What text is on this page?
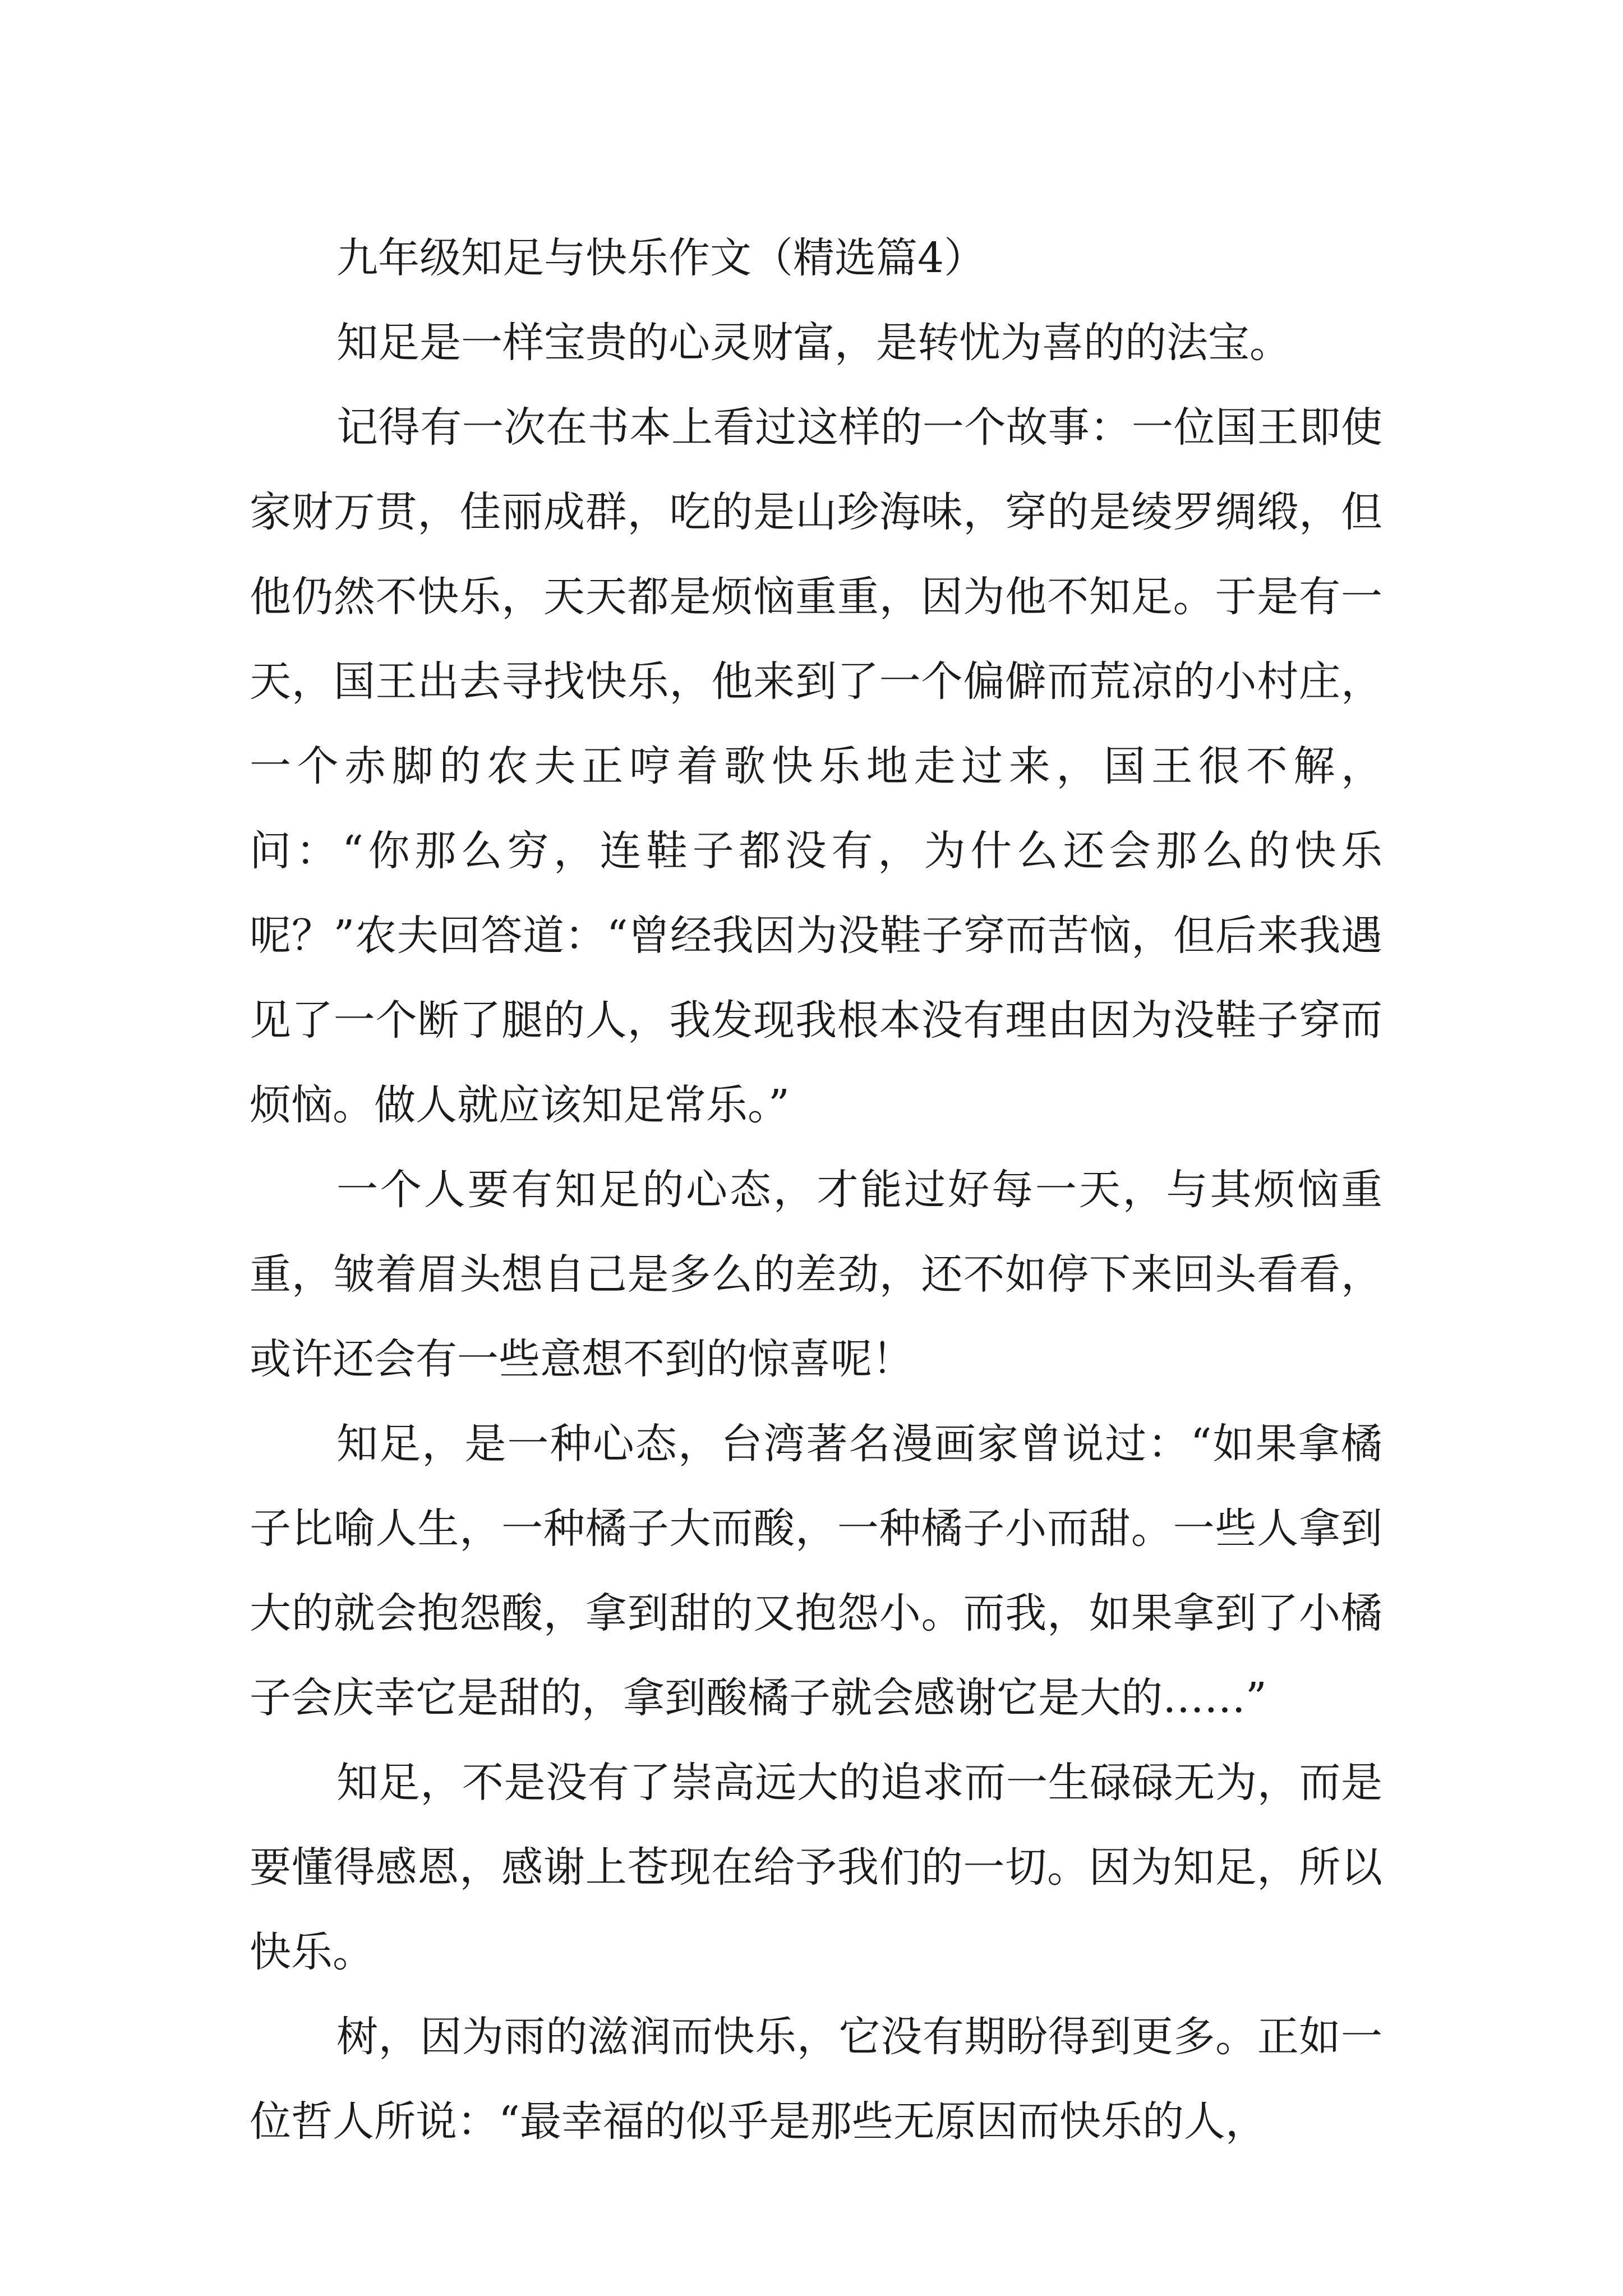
九年级知足与快乐作文（精选篇4）

知足是一样宝贵的心灵财富，是转忧为喜的的法宝。

记得有一次在书本上看过这样的一个故事：一位国王即使家财万贯，佳丽成群，吃的是山珍海味，穿的是绫罗绸缎，但他仍然不快乐，天天都是烦恼重重，因为他不知足。于是有一天，国王出去寻找快乐，他来到了一个偏僻而荒凉的小村庄，一个赤脚的农夫正哼着歌快乐地走过来，国王很不解，问：“你那么穷，连鞋子都没有，为什么还会那么的快乐呢？”农夫回答道：“曾经我因为没鞋子穿而苦恼，但后来我遇见了一个断了腿的人，我发现我根本没有理由因为没鞋子穿而烦恼。做人就应该知足常乐。”

一个人要有知足的心态，才能过好每一天，与其烦恼重重，皱着眉头想自己是多么的差劲，还不如停下来回头看看，或许还会有一些意想不到的惊喜呢！

知足，是一种心态，台湾著名漫画家曾说过：“如果拿橘子比喻人生，一种橘子大而酸，一种橘子小而甜。一些人拿到大的就会抱怨酸，拿到甜的又抱怨小。而我，如果拿到了小橘子会庆幸它是甜的，拿到酸橘子就会感谢它是大的……”

知足，不是没有了崇高远大的追求而一生碌碌无为，而是要懂得感恩，感谢上苍现在给予我们的一切。因为知足，所以快乐。

树，因为雨的滋润而快乐，它没有期盼得到更多。正如一位哲人所说：“最幸福的似乎是那些无原因而快乐的人，
